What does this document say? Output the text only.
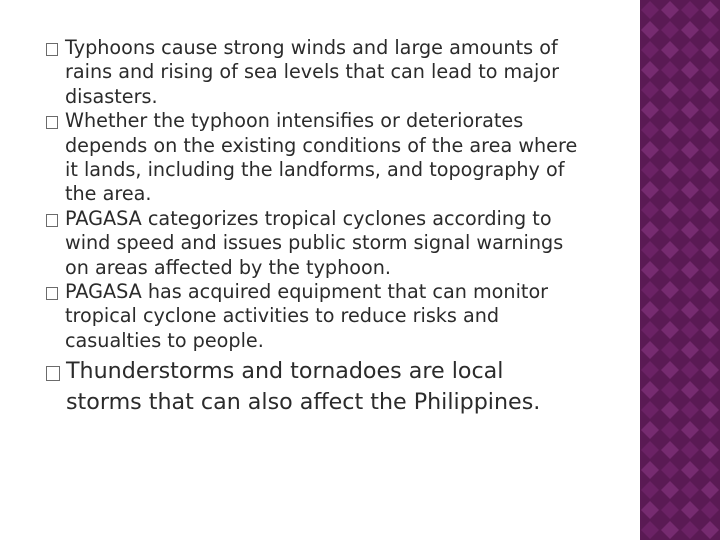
Typhoons cause strong winds and large amounts of rains and rising of sea levels that can lead to major disasters.
Whether the typhoon intensifies or deteriorates depends on the existing conditions of the area where it lands, including the landforms, and topography of the area.
PAGASA categorizes tropical cyclones according to wind speed and issues public storm signal warnings on areas affected by the typhoon.
PAGASA has acquired equipment that can monitor tropical cyclone activities to reduce risks and casualties to people.
Thunderstorms and tornadoes are local storms that can also affect the Philippines.
